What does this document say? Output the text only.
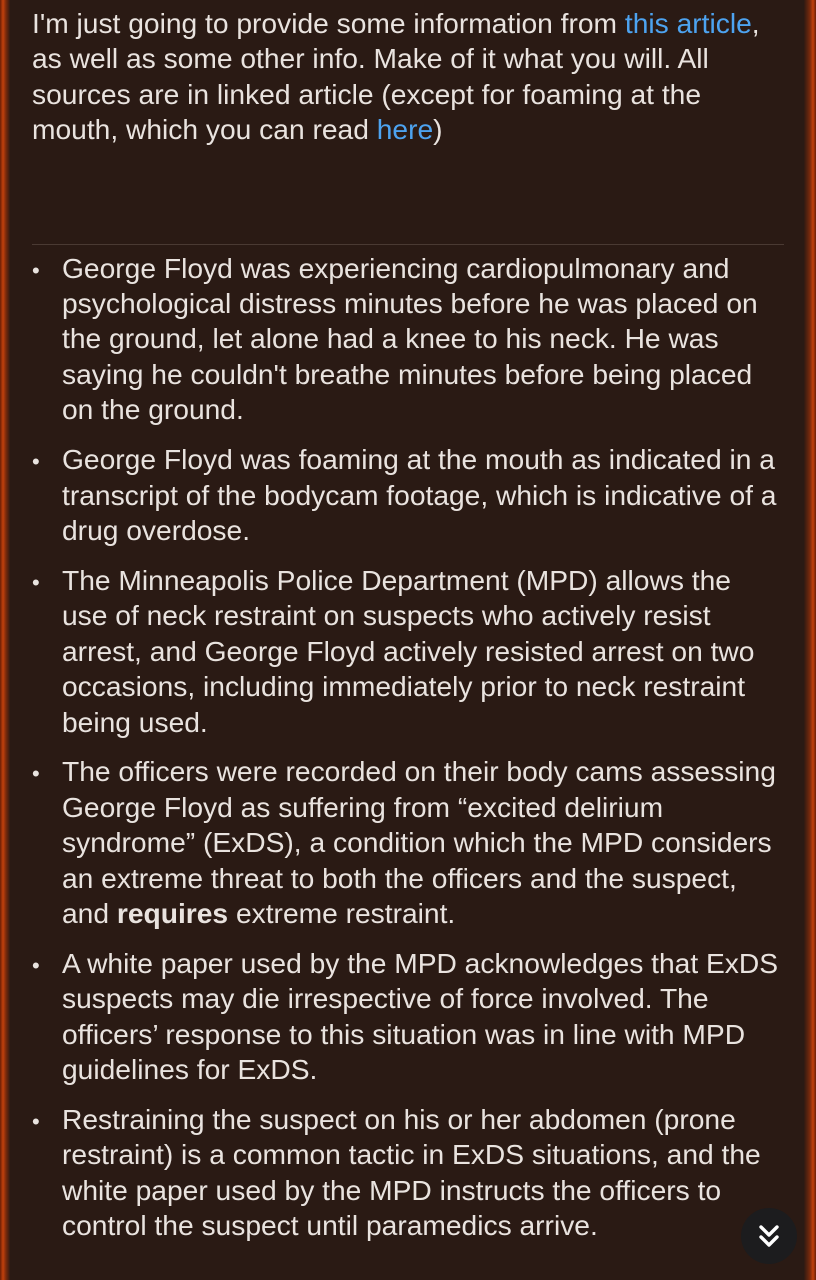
I'm just going to provide some information from this article, as well as some other info. Make of it what you will. All sources are in linked article (except for foaming at the mouth, which you can read here)

•
George Floyd was experiencing cardiopulmonary and psychological distress minutes before he was placed on the ground, let alone had a knee to his neck. He was saying he couldn't breathe minutes before being placed on the ground.
•
George Floyd was foaming at the mouth as indicated in a transcript of the bodycam footage, which is indicative of a drug overdose.
•
The Minneapolis Police Department (MPD) allows the use of neck restraint on suspects who actively resist arrest, and George Floyd actively resisted arrest on two occasions, including immediately prior to neck restraint being used.
•
The officers were recorded on their body cams assessing George Floyd as suffering from “excited delirium syndrome” (ExDS), a condition which the MPD considers an extreme threat to both the officers and the suspect, and requires extreme restraint.
•
A white paper used by the MPD acknowledges that ExDS suspects may die irrespective of force involved. The officers’ response to this situation was in line with MPD guidelines for ExDS.
•
Restraining the suspect on his or her abdomen (prone restraint) is a common tactic in ExDS situations, and the white paper used by the MPD instructs the officers to control the suspect until paramedics arrive.
